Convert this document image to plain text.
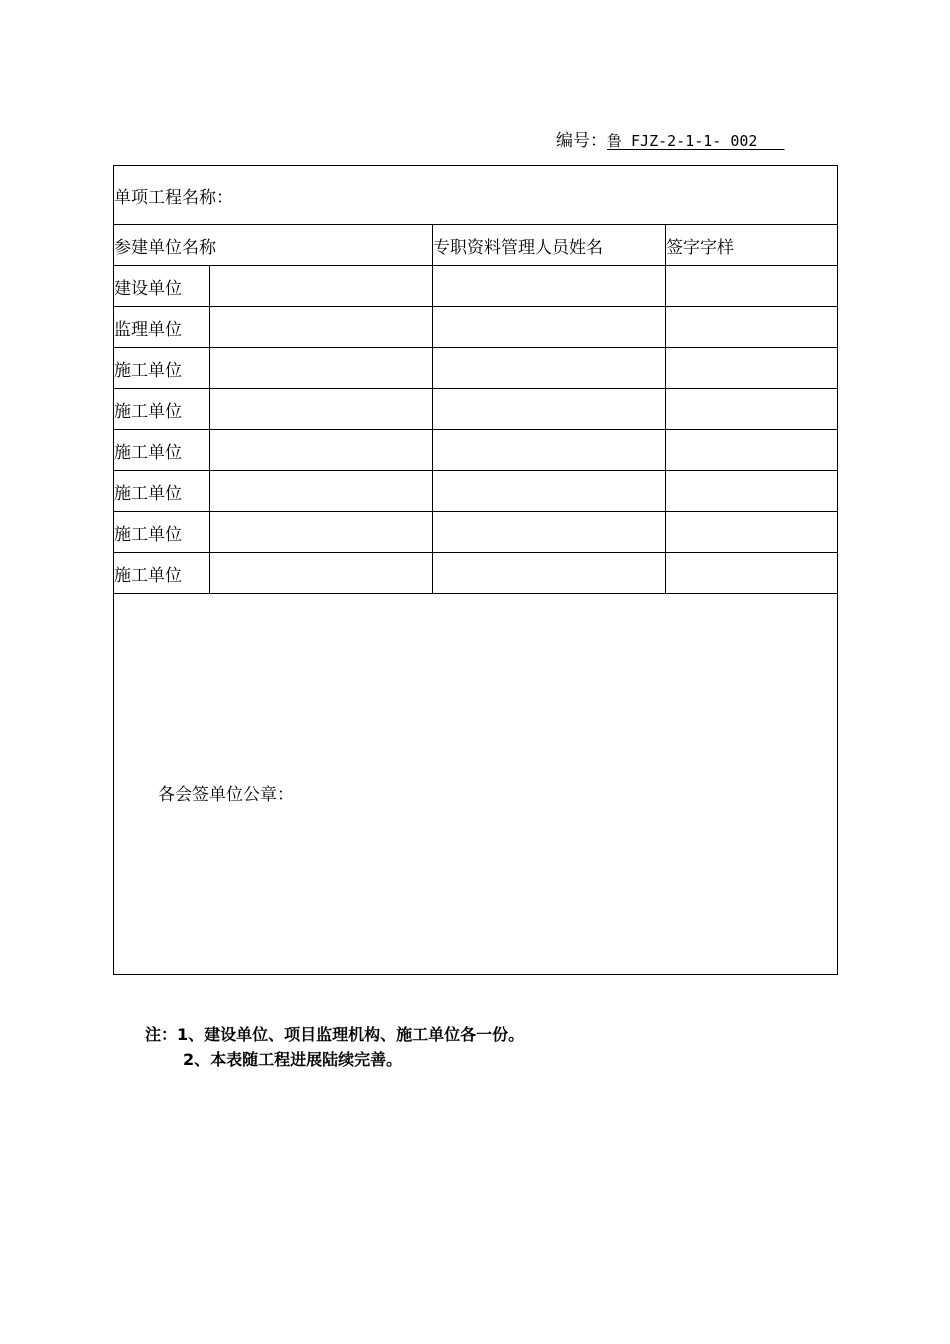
编号：鲁 FJZ-2-1-1- 002
单项工程名称：			
参建单位名称		专职资料管理人员姓名	签字字样
建设单位			
监理单位			
施工单位			
施工单位			
施工单位			
施工单位			
施工单位			
施工单位			

各会签单位公章：			
注：1、建设单位、项目监理机构、施工单位各一份。
2、本表随工程进展陆续完善。
